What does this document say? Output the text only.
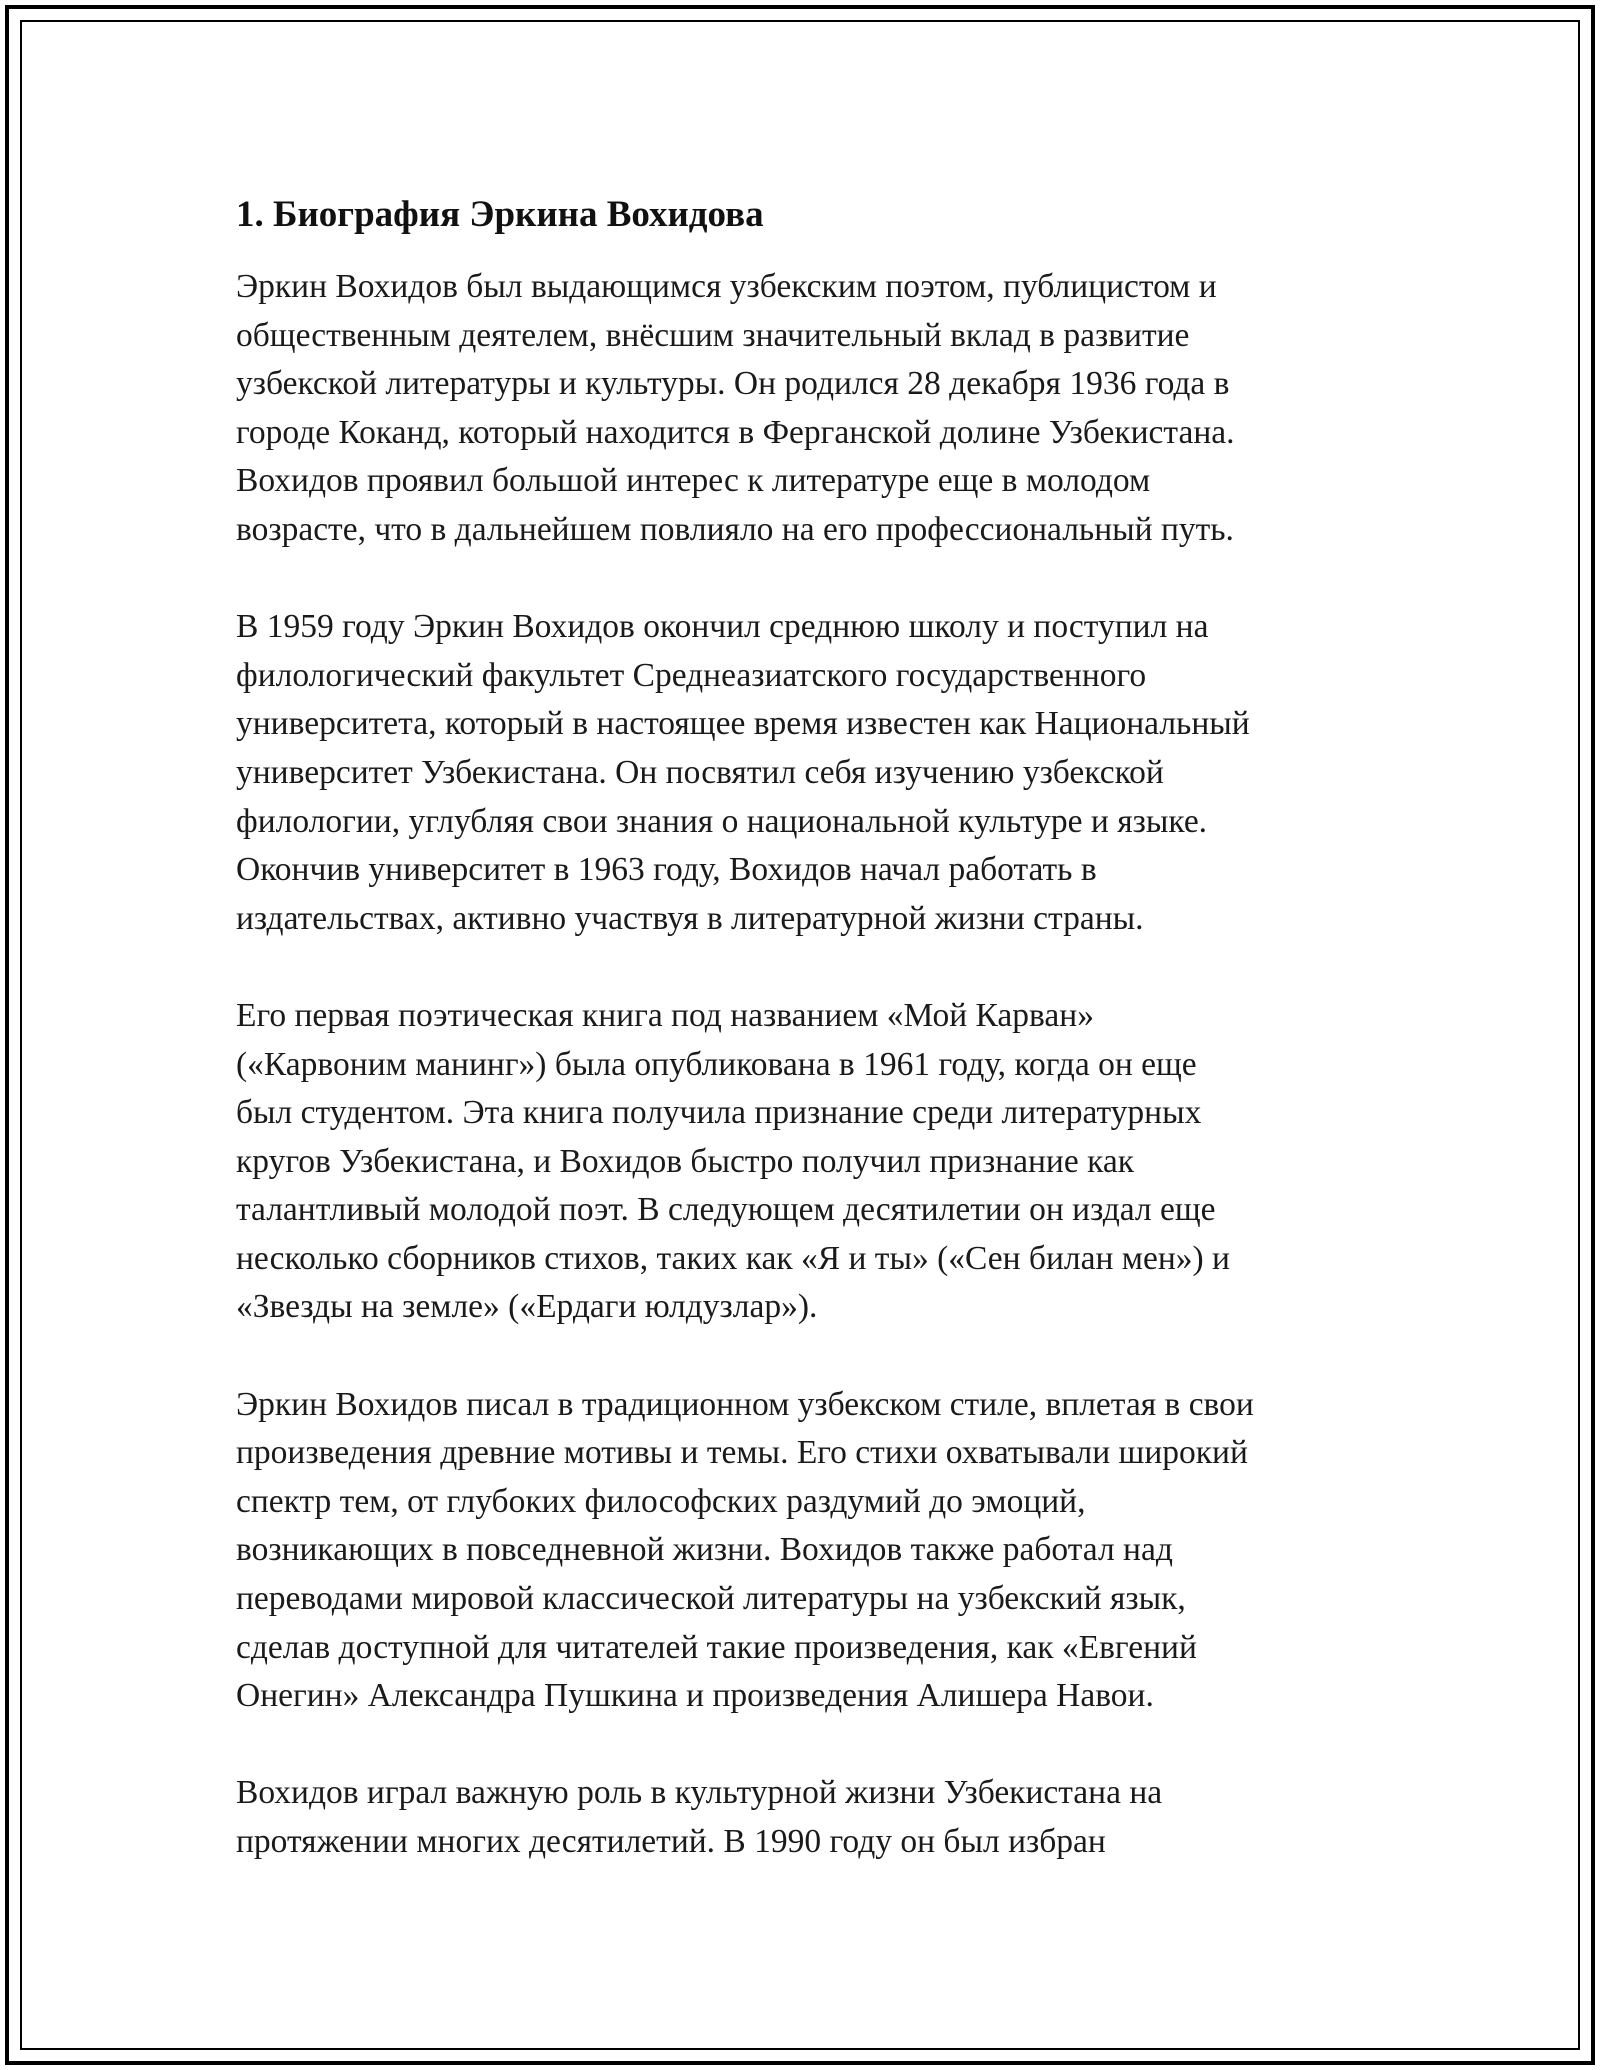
1. Биография Эркина Вохидова

Эркин Вохидов был выдающимся узбекским поэтом, публицистом и
общественным деятелем, внёсшим значительный вклад в развитие
узбекской литературы и культуры. Он родился 28 декабря 1936 года в
городе Коканд, который находится в Ферганской долине Узбекистана.
Вохидов проявил большой интерес к литературе еще в молодом
возрасте, что в дальнейшем повлияло на его профессиональный путь.

В 1959 году Эркин Вохидов окончил среднюю школу и поступил на
филологический факультет Среднеазиатского государственного
университета, который в настоящее время известен как Национальный
университет Узбекистана. Он посвятил себя изучению узбекской
филологии, углубляя свои знания о национальной культуре и языке.
Окончив университет в 1963 году, Вохидов начал работать в
издательствах, активно участвуя в литературной жизни страны.

Его первая поэтическая книга под названием «Мой Карван»
(«Карвоним манинг») была опубликована в 1961 году, когда он еще
был студентом. Эта книга получила признание среди литературных
кругов Узбекистана, и Вохидов быстро получил признание как
талантливый молодой поэт. В следующем десятилетии он издал еще
несколько сборников стихов, таких как «Я и ты» («Сен билан мен») и
«Звезды на земле» («Ердаги юлдузлар»).

Эркин Вохидов писал в традиционном узбекском стиле, вплетая в свои
произведения древние мотивы и темы. Его стихи охватывали широкий
спектр тем, от глубоких философских раздумий до эмоций,
возникающих в повседневной жизни. Вохидов также работал над
переводами мировой классической литературы на узбекский язык,
сделав доступной для читателей такие произведения, как «Евгений
Онегин» Александра Пушкина и произведения Алишера Навои.

Вохидов играл важную роль в культурной жизни Узбекистана на
протяжении многих десятилетий. В 1990 году он был избран
